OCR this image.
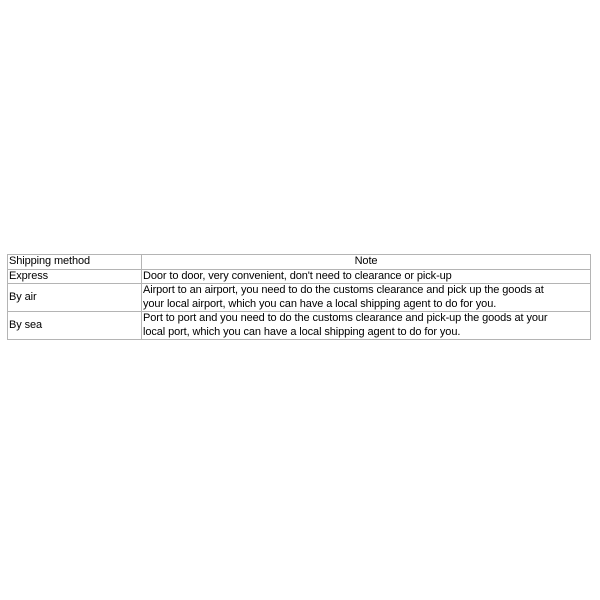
Shipping method	Note
Express	Door to door, very convenient, don't need to clearance or pick-up

By air	Airport to an airport, you need to do the customs clearance and pick up the goods at
your local airport, which you can have a local shipping agent to do for you.

By sea	Port to port and you need to do the customs clearance and pick-up the goods at your
local port, which you can have a local shipping agent to do for you.
